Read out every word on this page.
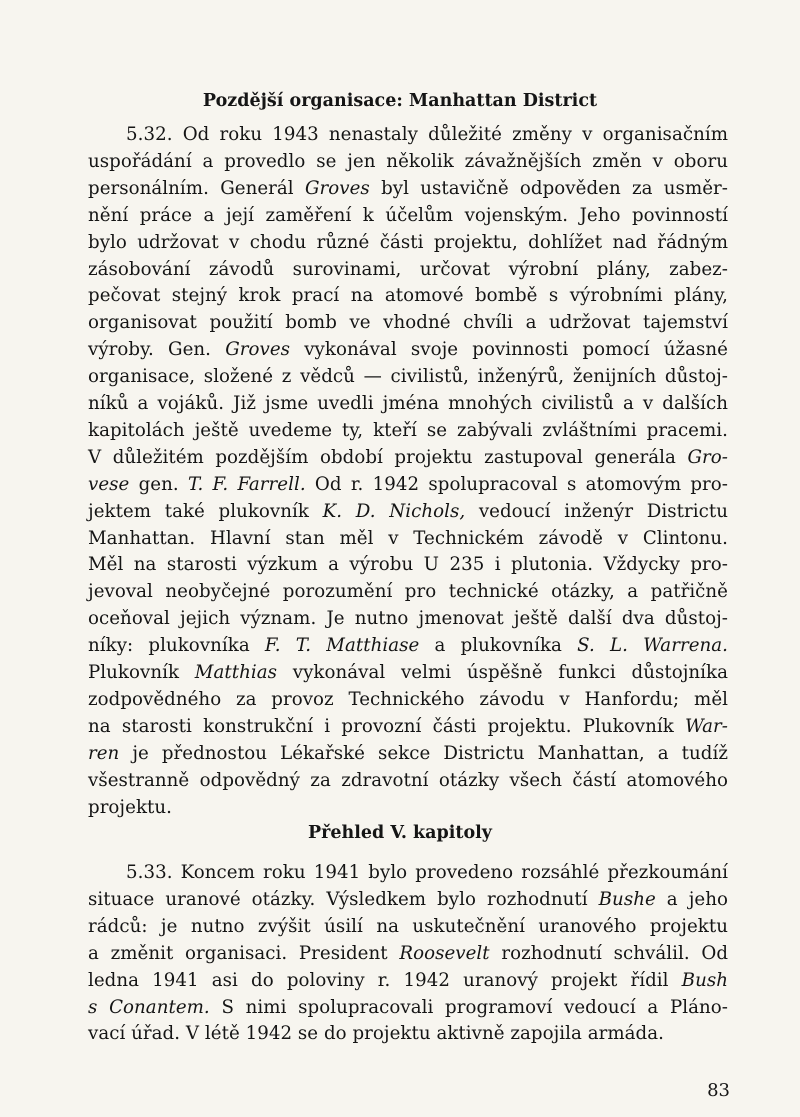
Pozdější organisace: Manhattan District
5.32. Od roku 1943 nenastaly důležité změny v organisačním
uspořádání a provedlo se jen několik závažnějších změn v oboru
personálním. Generál Groves byl ustavičně odpověden za usměr-
nění práce a její zaměření k účelům vojenským. Jeho povinností
bylo udržovat v chodu různé části projektu, dohlížet nad řádným
zásobování závodů surovinami, určovat výrobní plány, zabez-
pečovat stejný krok prací na atomové bombě s výrobními plány,
organisovat použití bomb ve vhodné chvíli a udržovat tajemství
výroby. Gen. Groves vykonával svoje povinnosti pomocí úžasné
organisace, složené z vědců — civilistů, inženýrů, ženijních důstoj-
níků a vojáků. Již jsme uvedli jména mnohých civilistů a v dalších
kapitolách ještě uvedeme ty, kteří se zabývali zvláštními pracemi.
V důležitém pozdějším období projektu zastupoval generála Gro-
vese gen. T. F. Farrell. Od r. 1942 spolupracoval s atomovým pro-
jektem také plukovník K. D. Nichols, vedoucí inženýr Districtu
Manhattan. Hlavní stan měl v Technickém závodě v Clintonu.
Měl na starosti výzkum a výrobu U 235 i plutonia. Vždycky pro-
jevoval neobyčejné porozumění pro technické otázky, a patřičně
oceňoval jejich význam. Je nutno jmenovat ještě další dva důstoj-
níky: plukovníka F. T. Matthiase a plukovníka S. L. Warrena.
Plukovník Matthias vykonával velmi úspěšně funkci důstojníka
zodpovědného za provoz Technického závodu v Hanfordu; měl
na starosti konstrukční i provozní části projektu. Plukovník War-
ren je přednostou Lékařské sekce Districtu Manhattan, a tudíž
všestranně odpovědný za zdravotní otázky všech částí atomového
projektu.
Přehled V. kapitoly
5.33. Koncem roku 1941 bylo provedeno rozsáhlé přezkoumání
situace uranové otázky. Výsledkem bylo rozhodnutí Bushe a jeho
rádců: je nutno zvýšit úsilí na uskutečnění uranového projektu
a změnit organisaci. President Roosevelt rozhodnutí schválil. Od
ledna 1941 asi do poloviny r. 1942 uranový projekt řídil Bush
s Conantem. S nimi spolupracovali programoví vedoucí a Pláno-
vací úřad. V létě 1942 se do projektu aktivně zapojila armáda.
83
